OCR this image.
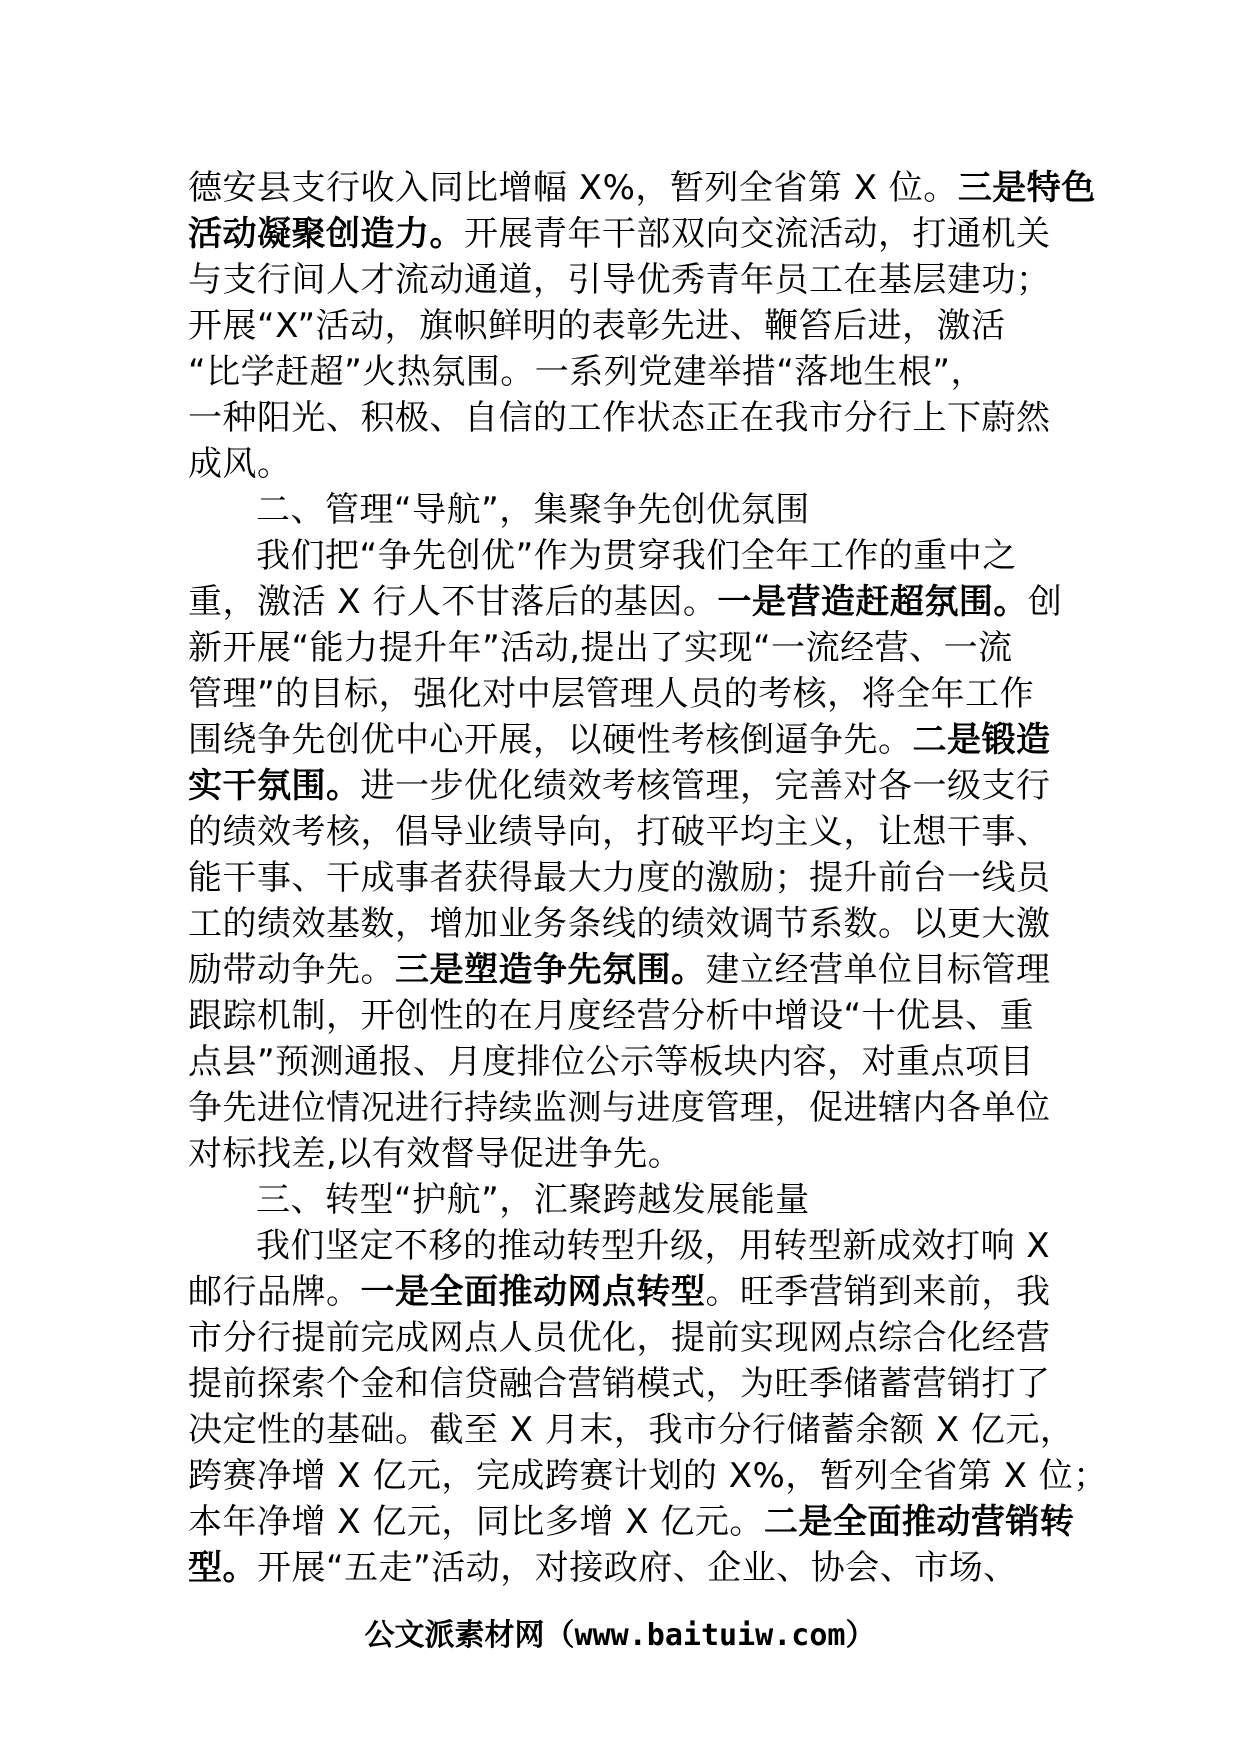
德安县支行收入同比增幅 X%，暂列全省第 X 位。三是特色
活动凝聚创造力。开展青年干部双向交流活动，打通机关
与支行间人才流动通道，引导优秀青年员工在基层建功；
开展“X”活动，旗帜鲜明的表彰先进、鞭笞后进，激活
“比学赶超”火热氛围。一系列党建举措“落地生根”，
一种阳光、积极、自信的工作状态正在我市分行上下蔚然
成风。
二、管理“导航”，集聚争先创优氛围
我们把“争先创优”作为贯穿我们全年工作的重中之
重，激活 X 行人不甘落后的基因。一是营造赶超氛围。创
新开展“能力提升年”活动,提出了实现“一流经营、一流
管理”的目标，强化对中层管理人员的考核，将全年工作
围绕争先创优中心开展，以硬性考核倒逼争先。二是锻造
实干氛围。进一步优化绩效考核管理，完善对各一级支行
的绩效考核，倡导业绩导向，打破平均主义，让想干事、
能干事、干成事者获得最大力度的激励；提升前台一线员
工的绩效基数，增加业务条线的绩效调节系数。以更大激
励带动争先。三是塑造争先氛围。建立经营单位目标管理
跟踪机制，开创性的在月度经营分析中增设“十优县、重
点县”预测通报、月度排位公示等板块内容，对重点项目
争先进位情况进行持续监测与进度管理，促进辖内各单位
对标找差,以有效督导促进争先。
三、转型“护航”，汇聚跨越发展能量
我们坚定不移的推动转型升级，用转型新成效打响 X
邮行品牌。一是全面推动网点转型。旺季营销到来前，我
市分行提前完成网点人员优化，提前实现网点综合化经营
提前探索个金和信贷融合营销模式，为旺季储蓄营销打了
决定性的基础。截至 X 月末，我市分行储蓄余额 X 亿元，
跨赛净增 X 亿元，完成跨赛计划的 X%，暂列全省第 X 位；
本年净增 X 亿元，同比多增 X 亿元。二是全面推动营销转
型。开展“五走”活动，对接政府、企业、协会、市场、
公文派素材网（www.baituiw.com）
